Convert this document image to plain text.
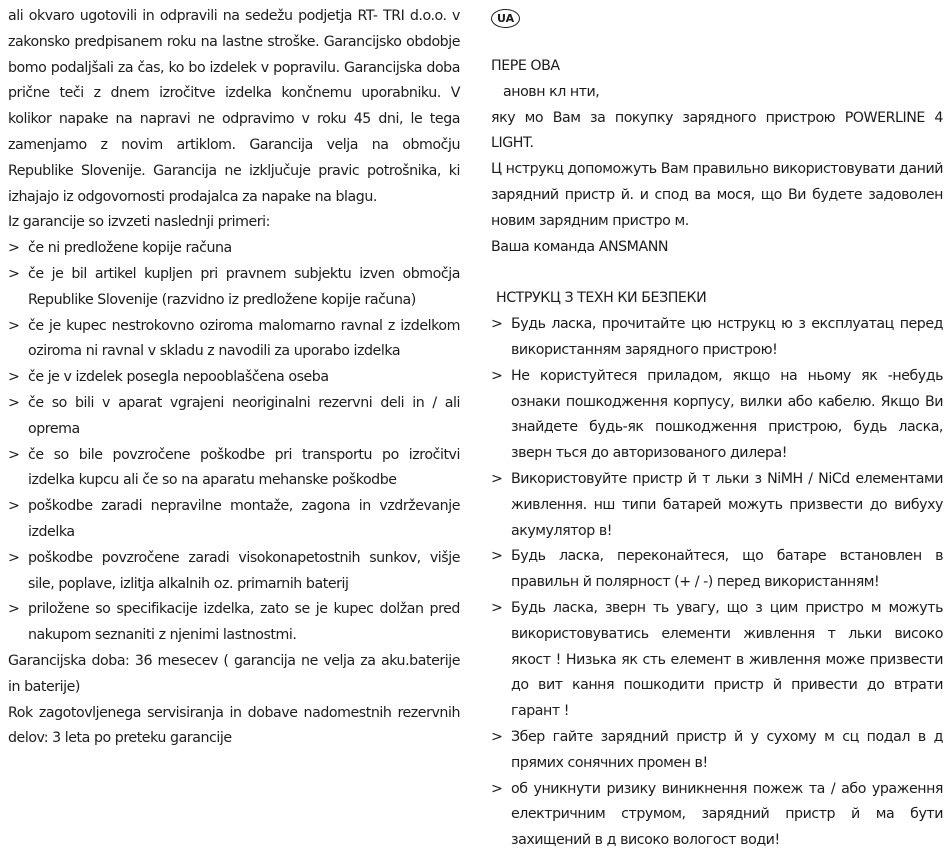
ali okvaro ugotovili in odpravili na sedežu podjetja RT- TRI d.o.o. v zakonsko predpisanem roku na lastne stroške. Garancijsko obdobje bomo podaljšali za čas, ko bo izdelek v popravilu. Garancijska doba prične teči z dnem izročitve izdelka končnemu uporabniku. V kolikor napake na napravi ne odpravimo v roku 45 dni, le tega zamenjamo z novim artiklom. Garancija velja na območju Republike Slovenije. Garancija ne izključuje pravic potrošnika, ki izhajajo iz odgovornosti prodajalca za napake na blagu.

Iz garancije so izvzeti naslednji primeri:

> če ni predložene kopije računa
> če je bil artikel kupljen pri pravnem subjektu izven območja Republike Slovenije (razvidno iz predložene kopije računa)
> če je kupec nestrokovno oziroma malomarno ravnal z izdelkom oziroma ni ravnal v skladu z navodili za uporabo izdelka
> če je v izdelek posegla nepooblaščena oseba
> če so bili v aparat vgrajeni neoriginalni rezervni deli in / ali oprema
> če so bile povzročene poškodbe pri transportu po izročitvi izdelka kupcu ali če so na aparatu mehanske poškodbe
> poškodbe zaradi nepravilne montaže, zagona in vzdrževanje izdelka
> poškodbe povzročene zaradi visokonapetostnih sunkov, višje sile, poplave, izlitja alkalnih oz. primarnih baterij
> priložene so specifikacije izdelka, zato se je kupec dolžan pred nakupom seznaniti z njenimi lastnostmi.

Garancijska doba: 36 mesecev ( garancija ne velja za aku.baterije in baterije)

Rok zagotovljenega servisiranja in dobave nadomestnih rezervnih delov: 3 leta po preteku garancije

UA

ПЕРЕ ОВА

ановн кл нти,

яку мо Вам за покупку зарядного пристрою POWERLINE 4 LIGHT.

Ц нструкц допоможуть Вам правильно використовувати даний

зарядний пристр й. и спод ва мося, що Ви будете задоволен

новим зарядним пристро м.

Ваша команда ANSMANN

НСТРУКЦ З ТЕХН КИ БЕЗПЕКИ

> Будь ласка, прочитайте цю нструкц ю з експлуатац перед використанням зарядного пристрою!
> Не користуйтеся приладом, якщо на ньому як -небудь ознаки пошкодження корпусу, вилки або кабелю. Якщо Ви знайдете будь-як пошкодження пристрою, будь ласка, зверн ться до авторизованого дилера!
> Використовуйте пристр й т льки з NiMH / NiCd елементами живлення. нш типи батарей можуть призвести до вибуху акумулятор в!
> Будь ласка, переконайтеся, що батаре встановлен в правильн й полярност (+ / -) перед використанням!
> Будь ласка, зверн ть увагу, що з цим пристро м можуть використовуватись елементи живлення т льки високо якост ! Низька як сть елемент в живлення може призвести до вит кання пошкодити пристр й привести до втрати гарант !
> Збер гайте зарядний пристр й у сухому м сц подал в д прямих сонячних промен в!
> об уникнути ризику виникнення пожеж та / або ураження електричним струмом, зарядний пристр й ма бути захищений в д високо вологост води!
